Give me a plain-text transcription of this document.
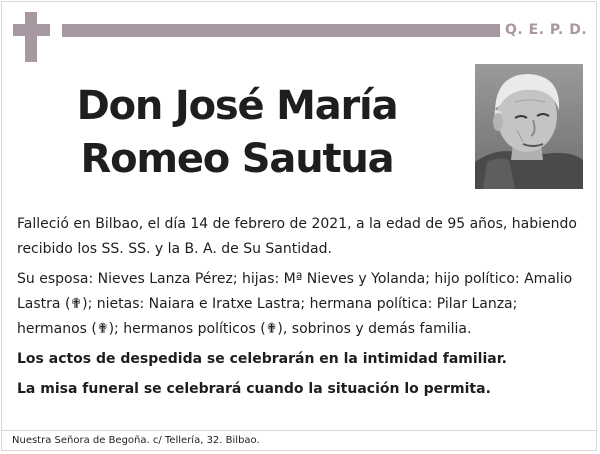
Q. E. P. D.
Don José María
Romeo Sautua

Falleció en Bilbao, el día 14 de febrero de 2021, a la edad de 95 años, habiendo recibido los SS. SS. y la B. A. de Su Santidad.

Su esposa: Nieves Lanza Pérez; hijas: Mª Nieves y Yolanda; hijo político: Amalio Lastra (✟); nietas: Naiara e Iratxe Lastra; hermana política: Pilar Lanza; hermanos (✟); hermanos políticos (✟), sobrinos y demás familia.

Los actos de despedida se celebrarán en la intimidad familiar.

La misa funeral se celebrará cuando la situación lo permita.

Nuestra Señora de Begoña. c/ Tellería, 32. Bilbao.
